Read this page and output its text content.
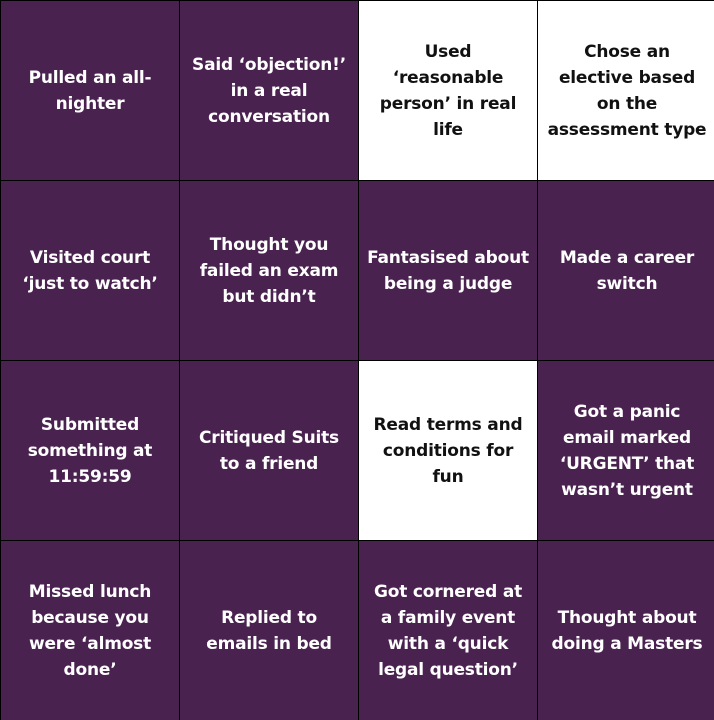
Pulled an all-nighter
Said ‘objection!’ in a real conversation
Used ‘reasonable person’ in real life
Chose an elective based on the assessment type
Visited court ‘just to watch’
Thought you failed an exam but didn’t
Fantasised about being a judge
Made a career switch
Submitted something at 11:59:59
Critiqued Suits to a friend
Read terms and conditions for fun
Got a panic email marked ‘URGENT’ that wasn’t urgent
Missed lunch because you were ‘almost done’
Replied to emails in bed
Got cornered at a family event with a ‘quick legal question’
Thought about doing a Masters
